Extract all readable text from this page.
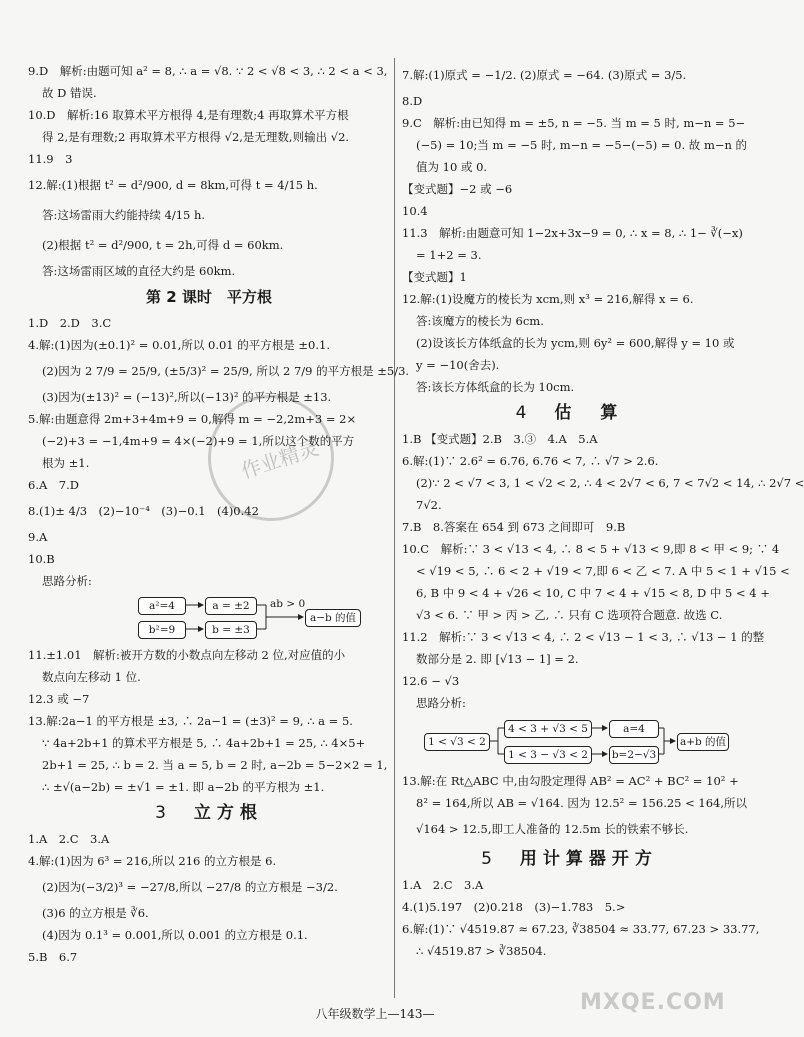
作业精灵
9.D　解析:由题可知 a² = 8, ∴ a = √8. ∵ 2 < √8 < 3, ∴ 2 < a < 3,
故 D 错误.
10.D　解析:16 取算术平方根得 4,是有理数;4 再取算术平方根
得 2,是有理数;2 再取算术平方根得 √2,是无理数,则输出 √2.
11.9　3
12.解:(1)根据 t² = d²/900, d = 8km,可得 t = 4/15 h.
答:这场雷雨大约能持续 4/15 h.
(2)根据 t² = d²/900, t = 2h,可得 d = 60km.
答:这场雷雨区域的直径大约是 60km.
第 2 课时　平方根
1.D　2.D　3.C
4.解:(1)因为(±0.1)² = 0.01,所以 0.01 的平方根是 ±0.1.
(2)因为 2 7/9 = 25/9, (±5/3)² = 25/9, 所以 2 7/9 的平方根是 ±5/3.
(3)因为(±13)² = (−13)²,所以(−13)² 的平方根是 ±13.
5.解:由题意得 2m+3+4m+9 = 0,解得 m = −2,2m+3 = 2×
(−2)+3 = −1,4m+9 = 4×(−2)+9 = 1,所以这个数的平方
根为 ±1.
6.A　7.D
8.(1)± 4/3　(2)−10⁻⁴　(3)−0.1　(4)0.42
9.A
10.B
思路分析:
a²=4
b²=9
a = ±2
b = ±3
ab > 0
a−b 的值
11.±1.01　解析:被开方数的小数点向左移动 2 位,对应值的小
数点向左移动 1 位.
12.3 或 −7
13.解:2a−1 的平方根是 ±3, ∴ 2a−1 = (±3)² = 9, ∴ a = 5.
∵ 4a+2b+1 的算术平方根是 5, ∴ 4a+2b+1 = 25, ∴ 4×5+
2b+1 = 25, ∴ b = 2. 当 a = 5, b = 2 时, a−2b = 5−2×2 = 1,
∴ ±√(a−2b) = ±√1 = ±1. 即 a−2b 的平方根为 ±1.
3 立方根
1.A　2.C　3.A
4.解:(1)因为 6³ = 216,所以 216 的立方根是 6.
(2)因为(−3/2)³ = −27/8,所以 −27/8 的立方根是 −3/2.
(3)6 的立方根是 ∛6.
(4)因为 0.1³ = 0.001,所以 0.001 的立方根是 0.1.
5.B　6.7
7.解:(1)原式 = −1/2. (2)原式 = −64. (3)原式 = 3/5.
8.D
9.C　解析:由已知得 m = ±5, n = −5. 当 m = 5 时, m−n = 5−
(−5) = 10;当 m = −5 时, m−n = −5−(−5) = 0. 故 m−n 的
值为 10 或 0.
【变式题】−2 或 −6
10.4
11.3　解析:由题意可知 1−2x+3x−9 = 0, ∴ x = 8, ∴ 1− ∛(−x)
= 1+2 = 3.
【变式题】1
12.解:(1)设魔方的棱长为 xcm,则 x³ = 216,解得 x = 6.
答:该魔方的棱长为 6cm.
(2)设该长方体纸盒的长为 ycm,则 6y² = 600,解得 y = 10 或
y = −10(舍去).
答:该长方体纸盒的长为 10cm.
4 估　算
1.B 【变式题】2.B　3.③　4.A　5.A
6.解:(1)∵ 2.6² = 6.76, 6.76 < 7, ∴ √7 > 2.6.
(2)∵ 2 < √7 < 3, 1 < √2 < 2, ∴ 4 < 2√7 < 6, 7 < 7√2 < 14, ∴ 2√7 <
7√2.
7.B　8.答案在 654 到 673 之间即可　9.B
10.C　解析:∵ 3 < √13 < 4, ∴ 8 < 5 + √13 < 9,即 8 < 甲 < 9; ∵ 4
< √19 < 5, ∴ 6 < 2 + √19 < 7,即 6 < 乙 < 7. A 中 5 < 1 + √15 <
6, B 中 9 < 4 + √26 < 10, C 中 7 < 4 + √15 < 8, D 中 5 < 4 +
√3 < 6. ∵ 甲 > 丙 > 乙, ∴ 只有 C 选项符合题意. 故选 C.
11.2　解析:∵ 3 < √13 < 4, ∴ 2 < √13 − 1 < 3, ∴ √13 − 1 的整
数部分是 2. 即 [√13 − 1] = 2.
12.6 − √3
思路分析:
1 < √3 < 2
4 < 3 + √3 < 5
1 < 3 − √3 < 2
a=4
b=2−√3
a+b 的值
13.解:在 Rt△ABC 中,由勾股定理得 AB² = AC² + BC² = 10² +
8² = 164,所以 AB = √164. 因为 12.5² = 156.25 < 164,所以
√164 > 12.5,即工人准备的 12.5m 长的铁索不够长.
5 用计算器开方
1.A　2.C　3.A
4.(1)5.197　(2)0.218　(3)−1.783　5.>
6.解:(1)∵ √4519.87 ≈ 67.23, ∛38504 ≈ 33.77, 67.23 > 33.77,
∴ √4519.87 > ∛38504.
八年级数学上—143—	MXQE.COM
